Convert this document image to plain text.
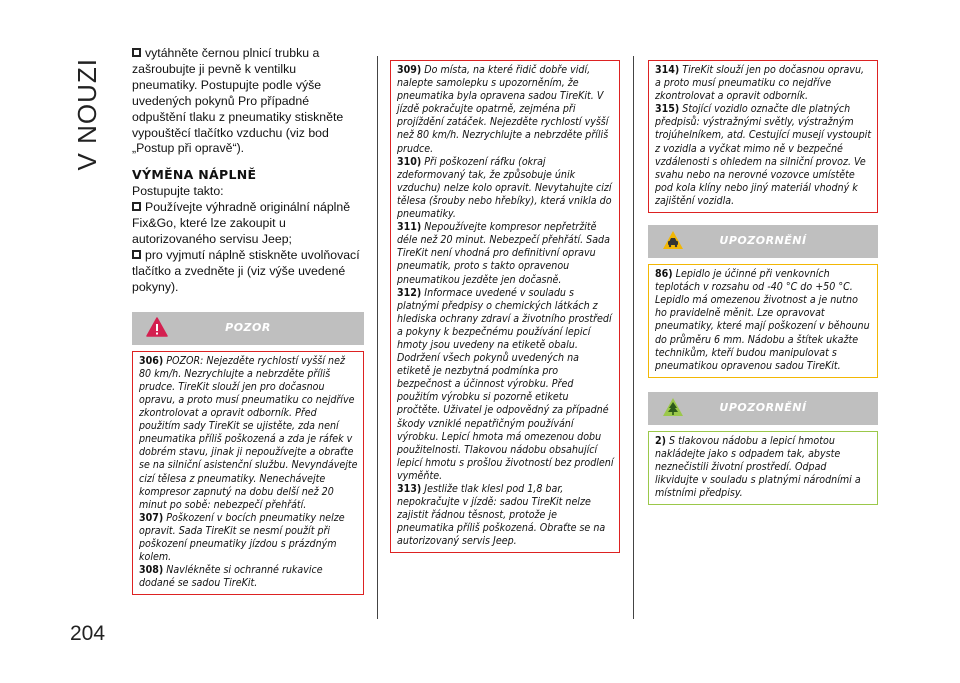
V NOUZI
204

vytáhněte černou plnicí trubku a zašroubujte ji pevně k ventilku pneumatiky. Postupujte podle výše uvedených pokynů Pro případné odpuštění tlaku z pneumatiky stiskněte vypouštěcí tlačítko vzduchu (viz bod „Postup při opravě“).

VÝMĚNA NÁPLNĚ

Postupujte takto:

Používejte výhradně originální náplně Fix&Go, které lze zakoupit u autorizovaného servisu Jeep;

pro vyjmutí náplně stiskněte uvolňovací tlačítko a zvedněte ji (viz výše uvedené pokyny).

POZOR

306) POZOR: Nejezděte rychlostí vyšší než 80 km/h. Nezrychlujte a nebrzděte příliš prudce. TireKit slouží jen pro dočasnou opravu, a proto musí pneumatiku co nejdříve zkontrolovat a opravit odborník. Před použitím sady TireKit se ujistěte, zda není pneumatika příliš poškozená a zda je ráfek v dobrém stavu, jinak ji nepoužívejte a obraťte se na silniční asistenční službu. Nevyndávejte cizí tělesa z pneumatiky. Nenechávejte kompresor zapnutý na dobu delší než 20 minut po sobě: nebezpečí přehřátí.

307) Poškození v bocích pneumatiky nelze opravit. Sada TireKit se nesmí použít při poškození pneumatiky jízdou s prázdným kolem.

308) Navlékněte si ochranné rukavice dodané se sadou TireKit.

309) Do místa, na které řidič dobře vidí, nalepte samolepku s upozorněním, že pneumatika byla opravena sadou TireKit. V jízdě pokračujte opatrně, zejména při projíždění zatáček. Nejezděte rychlostí vyšší než 80 km/h. Nezrychlujte a nebrzděte příliš prudce.

310) Při poškození ráfku (okraj zdeformovaný tak, že způsobuje únik vzduchu) nelze kolo opravit. Nevytahujte cizí tělesa (šrouby nebo hřebíky), která vnikla do pneumatiky.

311) Nepoužívejte kompresor nepřetržitě déle než 20 minut. Nebezpečí přehřátí. Sada TireKit není vhodná pro definitivní opravu pneumatik, proto s takto opravenou pneumatikou jezděte jen dočasně.

312) Informace uvedené v souladu s platnými předpisy o chemických látkách z hlediska ochrany zdraví a životního prostředí a pokyny k bezpečnému používání lepicí hmoty jsou uvedeny na etiketě obalu. Dodržení všech pokynů uvedených na etiketě je nezbytná podmínka pro bezpečnost a účinnost výrobku. Před použitím výrobku si pozorně etiketu pročtěte. Uživatel je odpovědný za případné škody vzniklé nepatřičným používání výrobku. Lepicí hmota má omezenou dobu použitelnosti. Tlakovou nádobu obsahující lepicí hmotu s prošlou životností bez prodlení vyměňte.

313) Jestliže tlak klesl pod 1,8 bar, nepokračujte v jízdě: sadou TireKit nelze zajistit řádnou těsnost, protože je pneumatika příliš poškozená. Obraťte se na autorizovaný servis Jeep.

314) TireKit slouží jen po dočasnou opravu, a proto musí pneumatiku co nejdříve zkontrolovat a opravit odborník.

315) Stojící vozidlo označte dle platných předpisů: výstražnými světly, výstražným trojúhelníkem, atd. Cestující musejí vystoupit z vozidla a vyčkat mimo ně v bezpečné vzdálenosti s ohledem na silniční provoz. Ve svahu nebo na nerovné vozovce umístěte pod kola klíny nebo jiný materiál vhodný k zajištění vozidla.

UPOZORNĚNÍ

86) Lepidlo je účinné při venkovních teplotách v rozsahu od -40 °C do +50 °C. Lepidlo má omezenou životnost a je nutno ho pravidelně měnit. Lze opravovat pneumatiky, které mají poškození v běhounu do průměru 6 mm. Nádobu a štítek ukažte technikům, kteří budou manipulovat s pneumatikou opravenou sadou TireKit.

UPOZORNĚNÍ

2) S tlakovou nádobu a lepicí hmotou nakládejte jako s odpadem tak, abyste neznečistili životní prostředí. Odpad likvidujte v souladu s platnými národními a místními předpisy.
